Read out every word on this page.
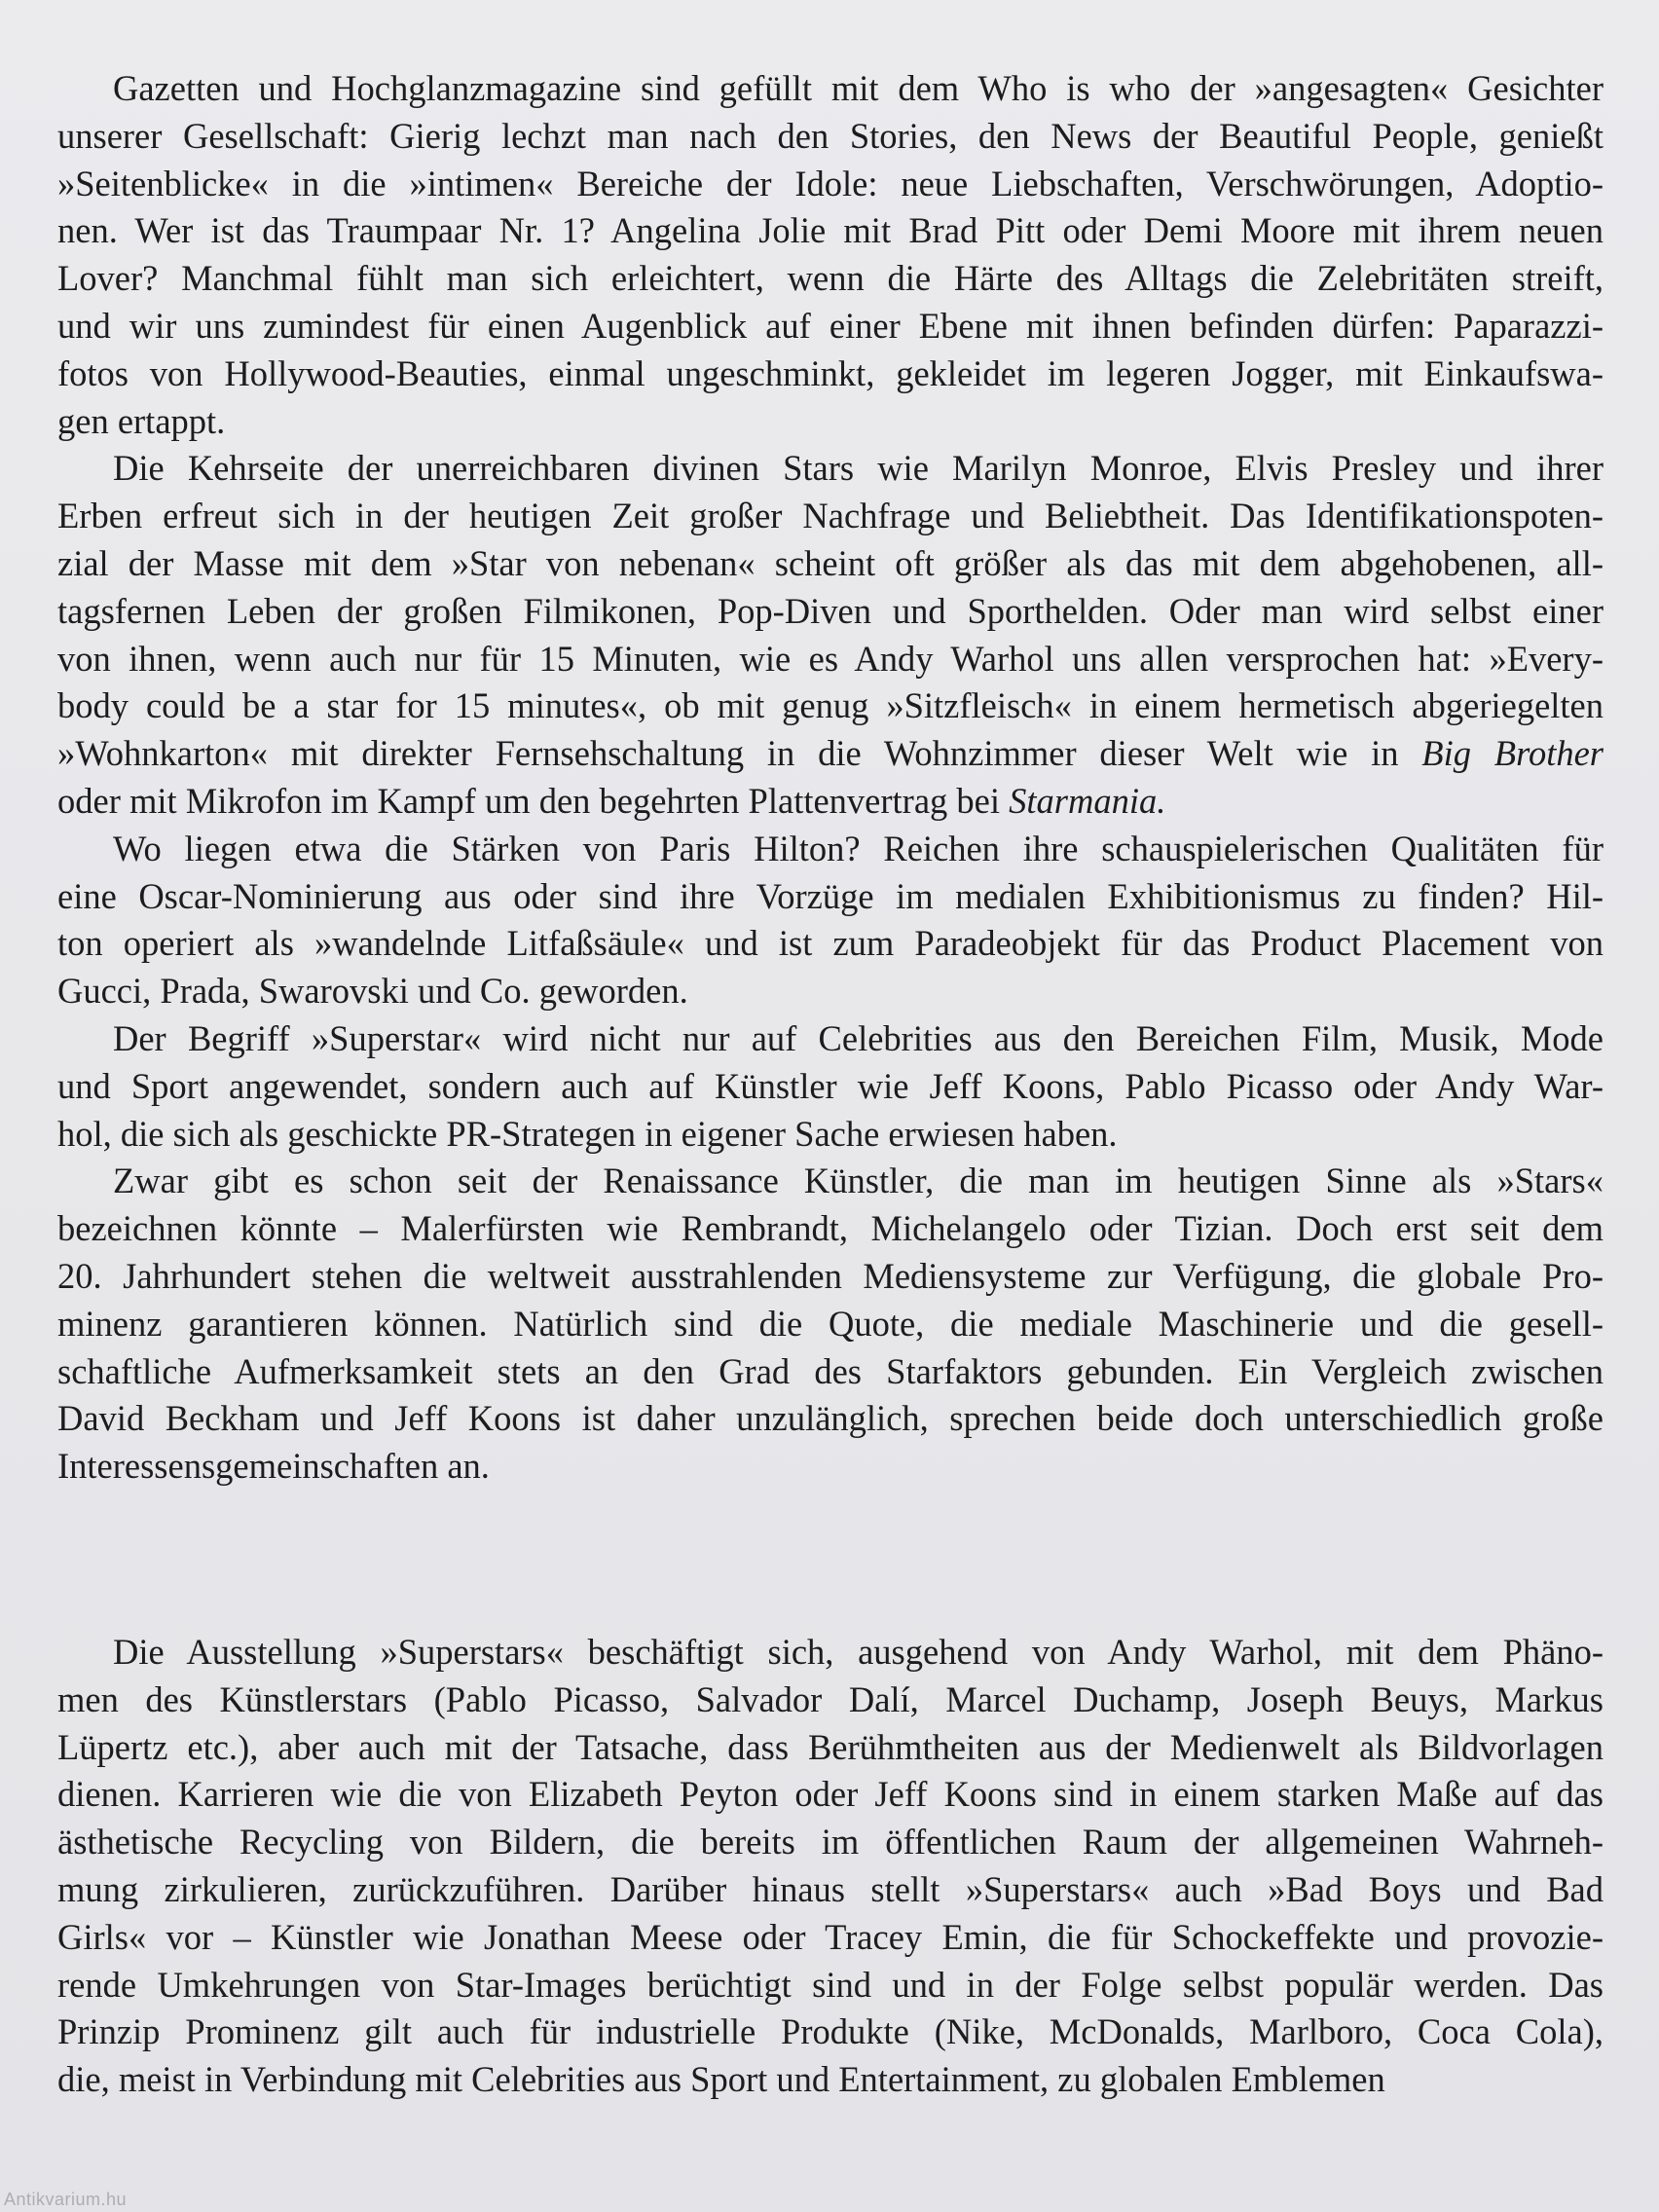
Gazetten und Hochglanzmagazine sind gefüllt mit dem Who is who der »angesagten« Gesichter
unserer Gesellschaft: Gierig lechzt man nach den Stories, den News der Beautiful People, genießt
»Seitenblicke« in die »intimen« Bereiche der Idole: neue Liebschaften, Verschwörungen, Adoptio-
nen. Wer ist das Traumpaar Nr. 1? Angelina Jolie mit Brad Pitt oder Demi Moore mit ihrem neuen
Lover? Manchmal fühlt man sich erleichtert, wenn die Härte des Alltags die Zelebritäten streift,
und wir uns zumindest für einen Augenblick auf einer Ebene mit ihnen befinden dürfen: Paparazzi-
fotos von Hollywood-Beauties, einmal ungeschminkt, gekleidet im legeren Jogger, mit Einkaufswa-
gen ertappt.
Die Kehrseite der unerreichbaren divinen Stars wie Marilyn Monroe, Elvis Presley und ihrer
Erben erfreut sich in der heutigen Zeit großer Nachfrage und Beliebtheit. Das Identifikationspoten-
zial der Masse mit dem »Star von nebenan« scheint oft größer als das mit dem abgehobenen, all-
tagsfernen Leben der großen Filmikonen, Pop-Diven und Sporthelden. Oder man wird selbst einer
von ihnen, wenn auch nur für 15 Minuten, wie es Andy Warhol uns allen versprochen hat: »Every-
body could be a star for 15 minutes«, ob mit genug »Sitzfleisch« in einem hermetisch abgeriegelten
»Wohnkarton« mit direkter Fernsehschaltung in die Wohnzimmer dieser Welt wie in Big Brother
oder mit Mikrofon im Kampf um den begehrten Plattenvertrag bei Starmania.
Wo liegen etwa die Stärken von Paris Hilton? Reichen ihre schauspielerischen Qualitäten für
eine Oscar-Nominierung aus oder sind ihre Vorzüge im medialen Exhibitionismus zu finden? Hil-
ton operiert als »wandelnde Litfaßsäule« und ist zum Paradeobjekt für das Product Placement von
Gucci, Prada, Swarovski und Co. geworden.
Der Begriff »Superstar« wird nicht nur auf Celebrities aus den Bereichen Film, Musik, Mode
und Sport angewendet, sondern auch auf Künstler wie Jeff Koons, Pablo Picasso oder Andy War-
hol, die sich als geschickte PR-Strategen in eigener Sache erwiesen haben.
Zwar gibt es schon seit der Renaissance Künstler, die man im heutigen Sinne als »Stars«
bezeichnen könnte – Malerfürsten wie Rembrandt, Michelangelo oder Tizian. Doch erst seit dem
20. Jahrhundert stehen die weltweit ausstrahlenden Mediensysteme zur Verfügung, die globale Pro-
minenz garantieren können. Natürlich sind die Quote, die mediale Maschinerie und die gesell-
schaftliche Aufmerksamkeit stets an den Grad des Starfaktors gebunden. Ein Vergleich zwischen
David Beckham und Jeff Koons ist daher unzulänglich, sprechen beide doch unterschiedlich große
Interessensgemeinschaften an.
Die Ausstellung »Superstars« beschäftigt sich, ausgehend von Andy Warhol, mit dem Phäno-
men des Künstlerstars (Pablo Picasso, Salvador Dalí, Marcel Duchamp, Joseph Beuys, Markus
Lüpertz etc.), aber auch mit der Tatsache, dass Berühmtheiten aus der Medienwelt als Bildvorlagen
dienen. Karrieren wie die von Elizabeth Peyton oder Jeff Koons sind in einem starken Maße auf das
ästhetische Recycling von Bildern, die bereits im öffentlichen Raum der allgemeinen Wahrneh-
mung zirkulieren, zurückzuführen. Darüber hinaus stellt »Superstars« auch »Bad Boys und Bad
Girls« vor – Künstler wie Jonathan Meese oder Tracey Emin, die für Schockeffekte und provozie-
rende Umkehrungen von Star-Images berüchtigt sind und in der Folge selbst populär werden. Das
Prinzip Prominenz gilt auch für industrielle Produkte (Nike, McDonalds, Marlboro, Coca Cola),
die, meist in Verbindung mit Celebrities aus Sport und Entertainment, zu globalen Emblemen
Antikvarium.hu
